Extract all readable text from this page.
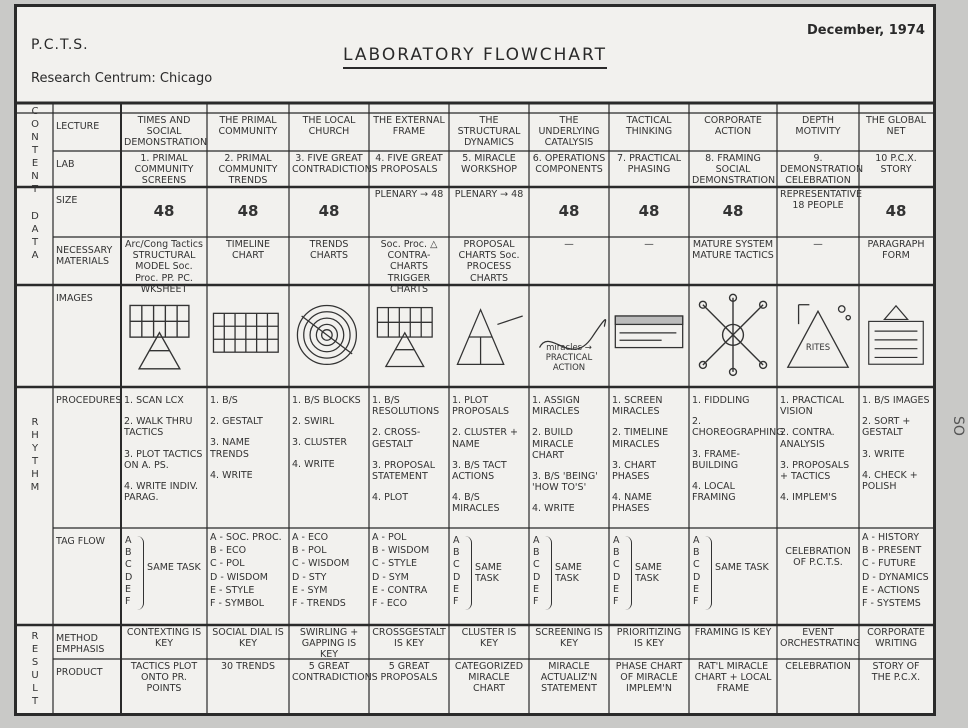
P.C.T.S.
Research Centrum: Chicago
LABORATORY FLOWCHART
December, 1974
C
O
N
T
E
N
T
D
A
T
A
R
H
Y
T
H
M
R
E
S
U
L
T
LECTURE
LAB
SIZE
NECESSARY MATERIALS
IMAGES
PROCEDURES
TAG FLOW
METHOD EMPHASIS
PRODUCT
TIMES AND SOCIAL DEMONSTRATION
1. PRIMAL COMMUNITY SCREENS
48
Arc/Cong Tactics STRUCTURAL MODEL Soc. Proc. PP. PC. WKSHEET
1. SCAN LCX
2. WALK THRU TACTICS
3. PLOT TACTICS ON A. PS.
4. WRITE INDIV. PARAG.
A
B
C
D
E
F
SAME TASK
CONTEXTING IS KEY
TACTICS PLOT ONTO PR. POINTS
THE PRIMAL COMMUNITY
2. PRIMAL COMMUNITY TRENDS
48
TIMELINE CHART
1. B/S
2. GESTALT
3. NAME TRENDS
4. WRITE
A - SOC. PROC.
B - ECO
C - POL
D - WISDOM
E - STYLE
F - SYMBOL
SOCIAL DIAL IS KEY
30 TRENDS
THE LOCAL CHURCH
3. FIVE GREAT CONTRADICTIONS
48
TRENDS CHARTS
1. B/S BLOCKS
2. SWIRL
3. CLUSTER
4. WRITE
A - ECO
B - POL
C - WISDOM
D - STY
E - SYM
F - TRENDS
SWIRLING + GAPPING IS KEY
5 GREAT CONTRADICTIONS
THE EXTERNAL FRAME
4. FIVE GREAT PROPOSALS
PLENARY → 48
Soc. Proc. △ CONTRA-CHARTS TRIGGER CHARTS
1. B/S RESOLUTIONS
2. CROSS-GESTALT
3. PROPOSAL STATEMENT
4. PLOT
A - POL
B - WISDOM
C - STYLE
D - SYM
E - CONTRA
F - ECO
CROSSGESTALT IS KEY
5 GREAT PROPOSALS
THE STRUCTURAL DYNAMICS
5. MIRACLE WORKSHOP
PLENARY → 48
PROPOSAL CHARTS Soc. PROCESS CHARTS
1. PLOT PROPOSALS
2. CLUSTER + NAME
3. B/S TACT ACTIONS
4. B/S MIRACLES
A
B
C
D
E
F
SAME TASK
CLUSTER IS KEY
CATEGORIZED MIRACLE CHART
THE UNDERLYING CATALYSIS
6. OPERATIONS COMPONENTS
48
—
miracles → PRACTICAL ACTION
1. ASSIGN MIRACLES
2. BUILD MIRACLE CHART
3. B/S 'BEING' 'HOW TO'S'
4. WRITE
A
B
C
D
E
F
SAME TASK
SCREENING IS KEY
MIRACLE ACTUALIZ'N STATEMENT
TACTICAL THINKING
7. PRACTICAL PHASING
48
—
1. SCREEN MIRACLES
2. TIMELINE MIRACLES
3. CHART PHASES
4. NAME PHASES
A
B
C
D
E
F
SAME TASK
PRIORITIZING IS KEY
PHASE CHART OF MIRACLE IMPLEM'N
CORPORATE ACTION
8. FRAMING SOCIAL DEMONSTRATION
48
MATURE SYSTEM MATURE TACTICS
1. FIDDLING
2. CHOREOGRAPHING
3. FRAME-BUILDING
4. LOCAL FRAMING
A
B
C
D
E
F
SAME TASK
FRAMING IS KEY
RAT'L MIRACLE CHART + LOCAL FRAME
DEPTH MOTIVITY
9. DEMONSTRATION CELEBRATION
REPRESENTATIVE 18 PEOPLE
—
RITES
1. PRACTICAL VISION
2. CONTRA. ANALYSIS
3. PROPOSALS + TACTICS
4. IMPLEM'S
CELEBRATION OF P.C.T.S.
EVENT ORCHESTRATING
CELEBRATION
THE GLOBAL NET
10 P.C.X. STORY
48
PARAGRAPH FORM
1. B/S IMAGES
2. SORT + GESTALT
3. WRITE
4. CHECK + POLISH
A - HISTORY
B - PRESENT
C - FUTURE
D - DYNAMICS
E - ACTIONS
F - SYSTEMS
CORPORATE WRITING
STORY OF THE P.C.X.
SO
